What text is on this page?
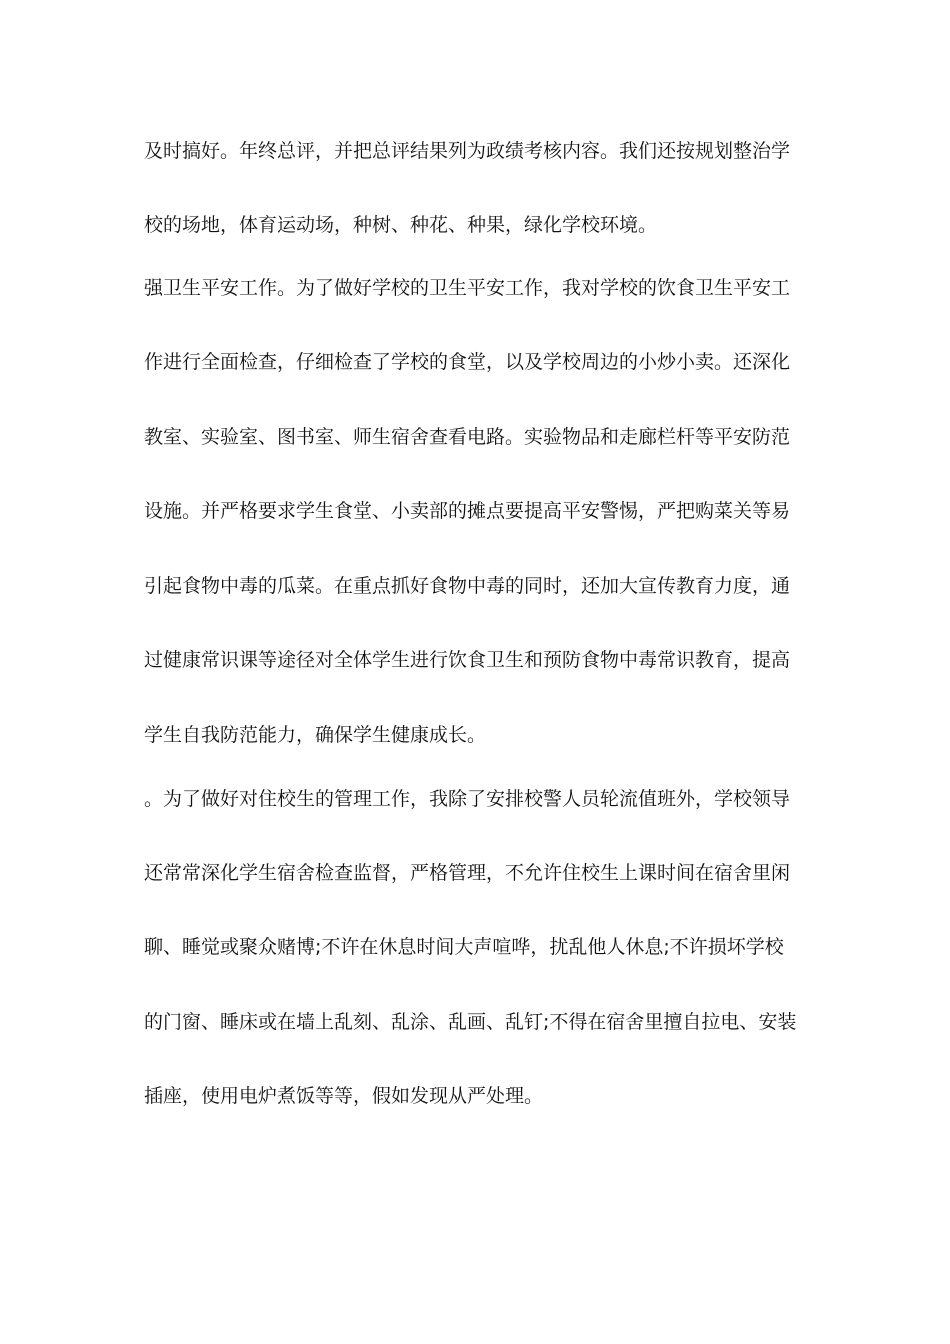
及时搞好。年终总评，并把总评结果列为政绩考核内容。我们还按规划整治学
校的场地，体育运动场，种树、种花、种果，绿化学校环境。
强卫生平安工作。为了做好学校的卫生平安工作，我对学校的饮食卫生平安工
作进行全面检查，仔细检查了学校的食堂，以及学校周边的小炒小卖。还深化
教室、实验室、图书室、师生宿舍查看电路。实验物品和走廊栏杆等平安防范
设施。并严格要求学生食堂、小卖部的摊点要提高平安警惕，严把购菜关等易
引起食物中毒的瓜菜。在重点抓好食物中毒的同时，还加大宣传教育力度，通
过健康常识课等途径对全体学生进行饮食卫生和预防食物中毒常识教育，提高
学生自我防范能力，确保学生健康成长。
。为了做好对住校生的管理工作，我除了安排校警人员轮流值班外，学校领导
还常常深化学生宿舍检查监督，严格管理，不允许住校生上课时间在宿舍里闲
聊、睡觉或聚众赌博;不许在休息时间大声喧哗，扰乱他人休息;不许损坏学校
的门窗、睡床或在墙上乱刻、乱涂、乱画、乱钉;不得在宿舍里擅自拉电、安装
插座，使用电炉煮饭等等，假如发现从严处理。
